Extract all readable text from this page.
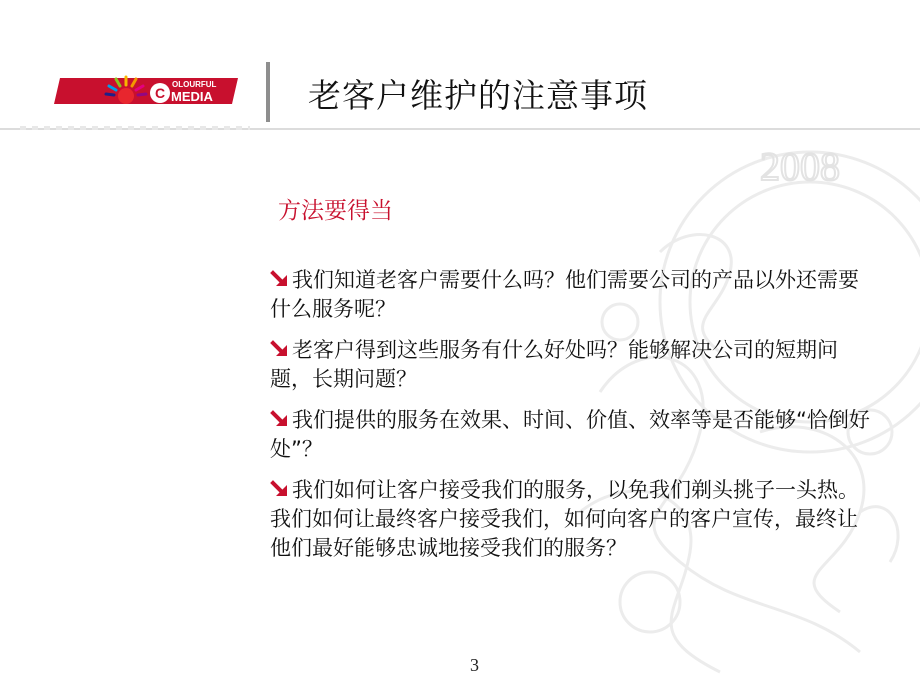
2008
C
OLOURFUL
MEDIA	老客户维护的注意事项
方法要得当
我们知道老客户需要什么吗？他们需要公司的产品以外还需要什么服务呢？
老客户得到这些服务有什么好处吗？能够解决公司的短期问题，长期问题？
我们提供的服务在效果、时间、价值、效率等是否能够“恰倒好处”？
我们如何让客户接受我们的服务，以免我们剃头挑子一头热。我们如何让最终客户接受我们，如何向客户的客户宣传，最终让他们最好能够忠诚地接受我们的服务？
3
